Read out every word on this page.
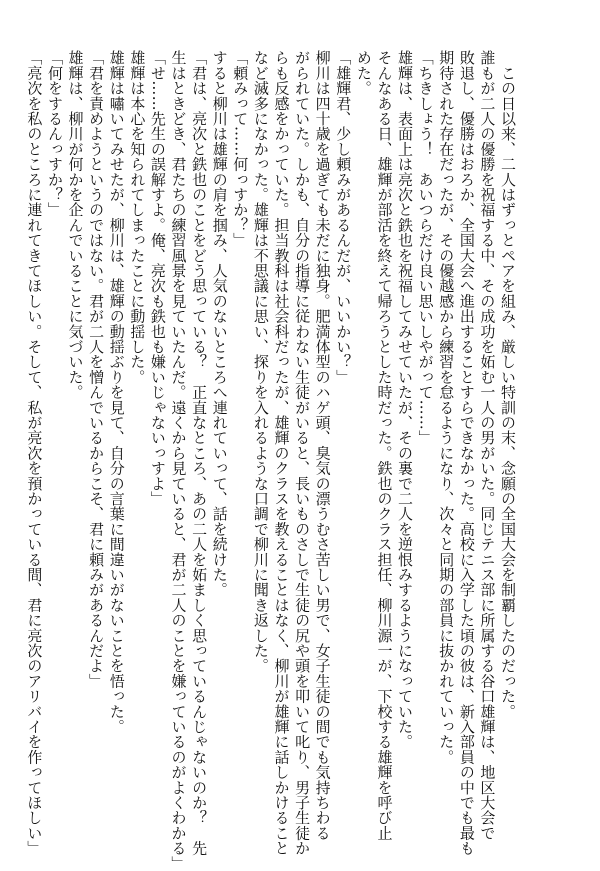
　この日以来、二人はずっとペアを組み、厳しい特訓の末、念願の全国大会を制覇したのだった。
誰もが二人の優勝を祝福する中、その成功を妬む一人の男がいた。同じテニス部に所属する谷口雄輝は、地区大会で
敗退し、優勝はおろか、全国大会へ進出することすらできなかった。高校に入学した頃の彼は、新入部員の中でも最も
期待された存在だったが、その優越感から練習を怠るようになり、次々と同期の部員に抜かれていった。
「ちきしょう！　あいつらだけ良い思いしやがって……」
雄輝は、表面上は亮次と鉄也を祝福してみせていたが、その裏で二人を逆恨みするようになっていた。
そんなある日、雄輝が部活を終えて帰ろうとした時だった。鉄也のクラス担任、柳川源一が、下校する雄輝を呼び止
めた。
「雄輝君、少し頼みがあるんだが、いいかい？」
柳川は四十歳を過ぎても未だに独身。肥満体型のハゲ頭、臭気の漂うむさ苦しい男で、女子生徒の間でも気持ちわる
がられていた。しかも、自分の指導に従わない生徒がいると、長いものさしで生徒の尻や頭を叩いて叱り、男子生徒か
らも反感をかっていた。担当教科は社会科だったが、雄輝のクラスを教えることはなく、柳川が雄輝に話しかけること
など滅多になかった。雄輝は不思議に思い、探りを入れるような口調で柳川に聞き返した。
「頼みって……何っすか？」
すると柳川は雄輝の肩を掴み、人気のないところへ連れていって、話を続けた。
「君は、亮次と鉄也のことをどう思っている？　正直なところ、あの二人を妬ましく思っているんじゃないのか？　先
生はときどき、君たちの練習風景を見ていたんだ。遠くから見ていると、君が二人のことを嫌っているのがよくわかる」
「せ……先生の誤解すよ。俺、亮次も鉄也も嫌いじゃないっすよ」
雄輝は本心を知られてしまったことに動揺した。
雄輝は嘯いてみせたが、柳川は、雄輝の動揺ぶりを見て、自分の言葉に間違いがないことを悟った。
「君を責めようというのではない。君が二人を憎んでいるからこそ、君に頼みがあるんだよ」
雄輝は、柳川が何かを企んでいることに気づいた。
「何をするんっすか？」
「亮次を私のところに連れてきてほしい。そして、私が亮次を預かっている間、君に亮次のアリバイを作ってほしい」
